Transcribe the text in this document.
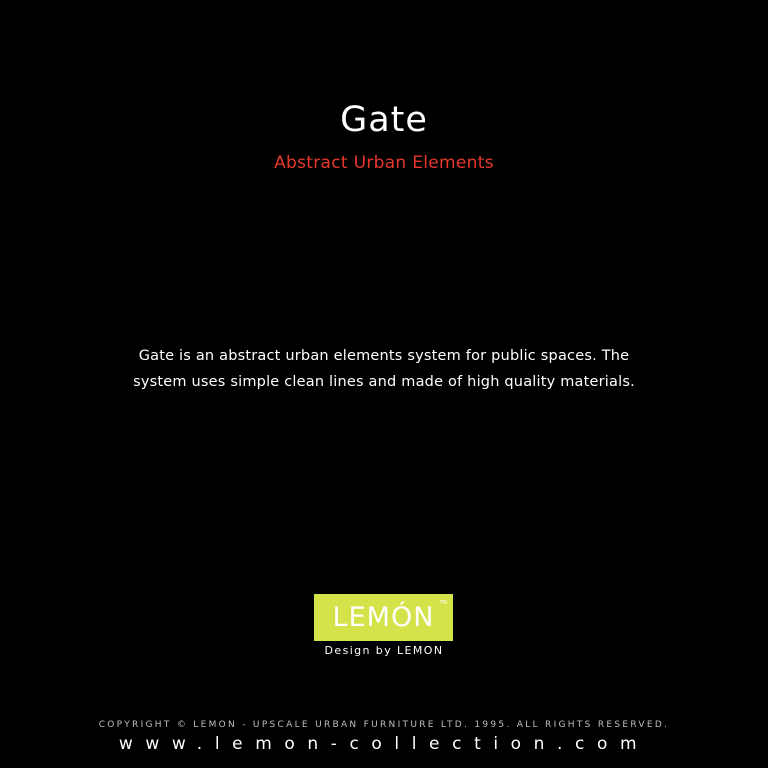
Gate
Abstract Urban Elements
Gate is an abstract urban elements system for public spaces. The system uses simple clean lines and made of high quality materials.
LEMÓN TM
Design by LEMON
COPYRIGHT © LEMON - UPSCALE URBAN FURNITURE LTD. 1995. ALL RIGHTS RESERVED.
www.lemon-collection.com
